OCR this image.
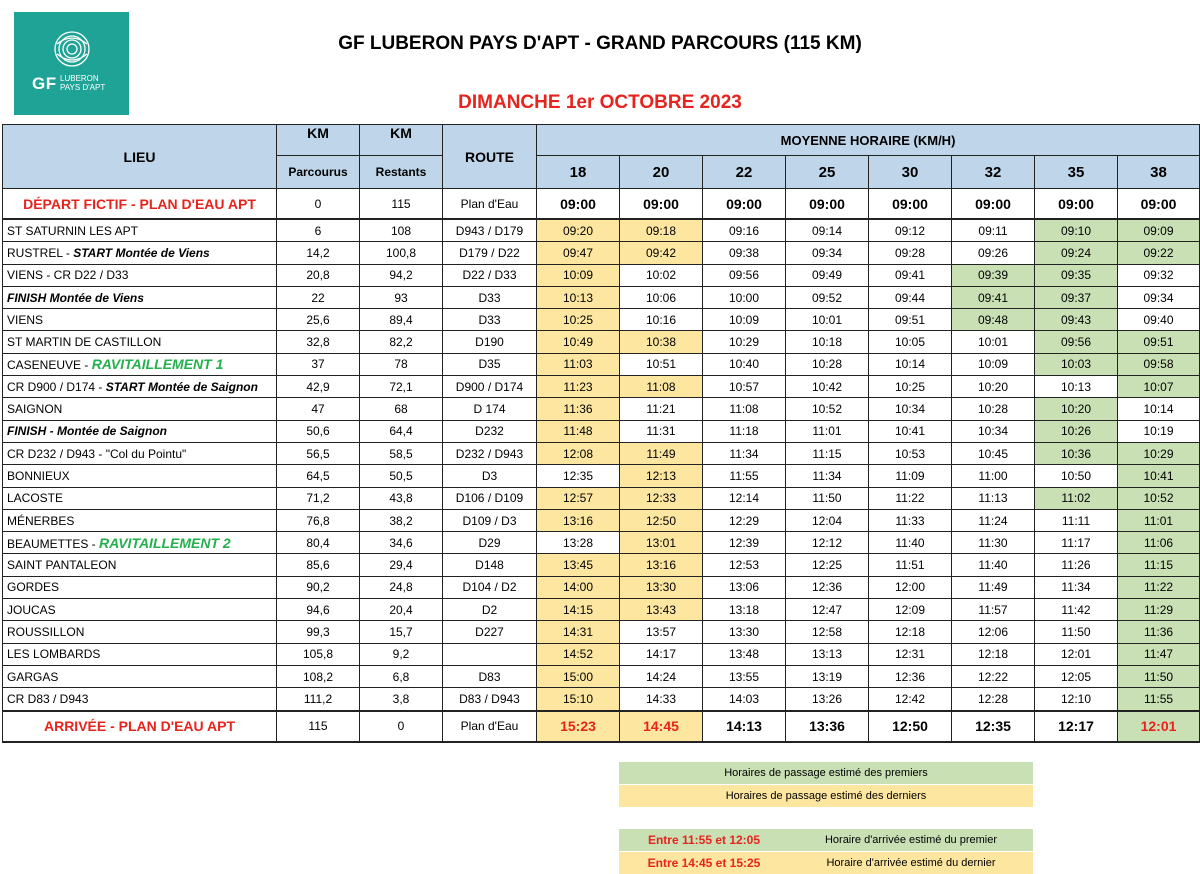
GF LUBERON
PAYS D'APT
GF LUBERON PAYS D'APT - GRAND PARCOURS (115 KM)
DIMANCHE 1er OCTOBRE 2023
LIEU	KM	KM	ROUTE	MOYENNE HORAIRE (KM/H)							
	Parcourus	Restants		18	20	22	25	30	32	35	38
DÉPART FICTIF - PLAN D'EAU APT	0	115	Plan d'Eau	09:00	09:00	09:00	09:00	09:00	09:00	09:00	09:00
ST SATURNIN LES APT	6	108	D943 / D179	09:20	09:18	09:16	09:14	09:12	09:11	09:10	09:09
RUSTREL - START Montée de Viens	14,2	100,8	D179 / D22	09:47	09:42	09:38	09:34	09:28	09:26	09:24	09:22
VIENS - CR D22 / D33	20,8	94,2	D22 / D33	10:09	10:02	09:56	09:49	09:41	09:39	09:35	09:32
FINISH Montée de Viens	22	93	D33	10:13	10:06	10:00	09:52	09:44	09:41	09:37	09:34
VIENS	25,6	89,4	D33	10:25	10:16	10:09	10:01	09:51	09:48	09:43	09:40
ST MARTIN DE CASTILLON	32,8	82,2	D190	10:49	10:38	10:29	10:18	10:05	10:01	09:56	09:51
CASENEUVE - RAVITAILLEMENT 1	37	78	D35	11:03	10:51	10:40	10:28	10:14	10:09	10:03	09:58
CR D900 / D174 - START Montée de Saignon	42,9	72,1	D900 / D174	11:23	11:08	10:57	10:42	10:25	10:20	10:13	10:07
SAIGNON	47	68	D 174	11:36	11:21	11:08	10:52	10:34	10:28	10:20	10:14
FINISH - Montée de Saignon	50,6	64,4	D232	11:48	11:31	11:18	11:01	10:41	10:34	10:26	10:19
CR D232 / D943 - "Col du Pointu"	56,5	58,5	D232 / D943	12:08	11:49	11:34	11:15	10:53	10:45	10:36	10:29
BONNIEUX	64,5	50,5	D3	12:35	12:13	11:55	11:34	11:09	11:00	10:50	10:41
LACOSTE	71,2	43,8	D106 / D109	12:57	12:33	12:14	11:50	11:22	11:13	11:02	10:52
MÉNERBES	76,8	38,2	D109 / D3	13:16	12:50	12:29	12:04	11:33	11:24	11:11	11:01
BEAUMETTES - RAVITAILLEMENT 2	80,4	34,6	D29	13:28	13:01	12:39	12:12	11:40	11:30	11:17	11:06
SAINT PANTALEON	85,6	29,4	D148	13:45	13:16	12:53	12:25	11:51	11:40	11:26	11:15
GORDES	90,2	24,8	D104 / D2	14:00	13:30	13:06	12:36	12:00	11:49	11:34	11:22
JOUCAS	94,6	20,4	D2	14:15	13:43	13:18	12:47	12:09	11:57	11:42	11:29
ROUSSILLON	99,3	15,7	D227	14:31	13:57	13:30	12:58	12:18	12:06	11:50	11:36
LES LOMBARDS	105,8	9,2		14:52	14:17	13:48	13:13	12:31	12:18	12:01	11:47
GARGAS	108,2	6,8	D83	15:00	14:24	13:55	13:19	12:36	12:22	12:05	11:50
CR D83 / D943	111,2	3,8	D83 / D943	15:10	14:33	14:03	13:26	12:42	12:28	12:10	11:55
ARRIVÉE - PLAN D'EAU APT	115	0	Plan d'Eau	15:23	14:45	14:13	13:36	12:50	12:35	12:17	12:01
Horaires de passage estimé des premiers
Horaires de passage estimé des derniers
Entre 11:55 et 12:05	Horaire d'arrivée estimé du premier
Entre 14:45 et 15:25	Horaire d'arrivée estimé du dernier
